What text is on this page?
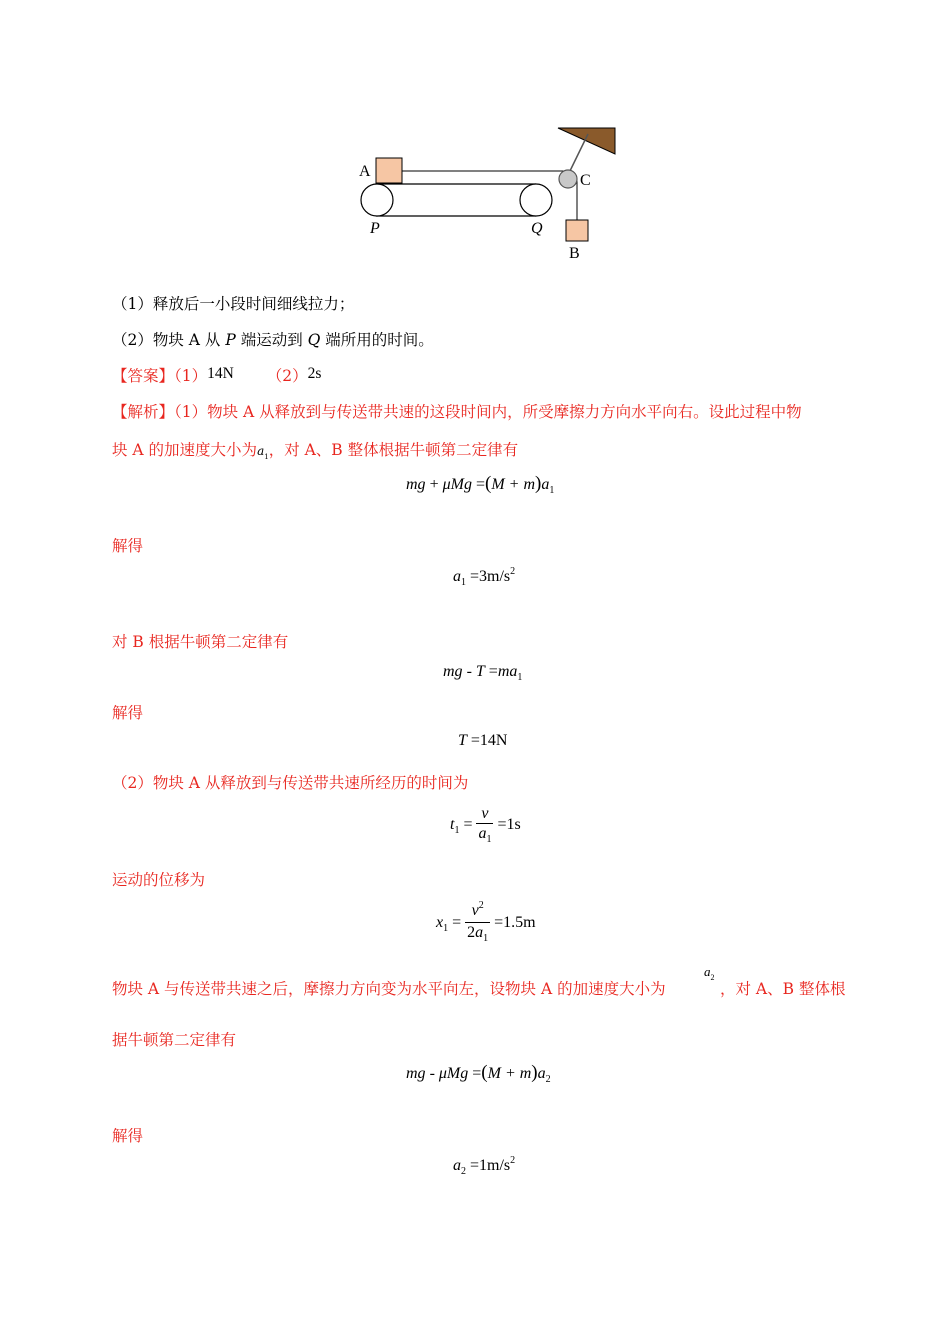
A
C
B
P	Q
（1）释放后一小段时间细线拉力；
（2）物块 A 从 P 端运动到 Q 端所用的时间。
【答案】（1）14N （2）2s
【解析】（1）物块 A 从释放到与传送带共速的这段时间内，所受摩擦力方向水平向右。设此过程中物
块 A 的加速度大小为$a_1$，对 A、B 整体根据牛顿第二定律有
mg + $\mu Mg =(M + m)a_1$
解得
$a_1 =3m/s^2$
对 B 根据牛顿第二定律有
mg - $T =ma_1$
解得
T =14N
（2）物块 A 从释放到与传送带共速所经历的时间为
$t_1 = \frac{v}{a_1} =1s$
运动的位移为
$x_1 = \frac{v^2}{2a_1} =1.5m$
物块 A 与传送带共速之后，摩擦力方向变为水平向左，设物块 A 的加速度大小为
$a_2$
，对 A、B 整体根
据牛顿第二定律有
mg - $\mu Mg =(M + m)a_2$
解得
$a_2 =1m/s^2$
